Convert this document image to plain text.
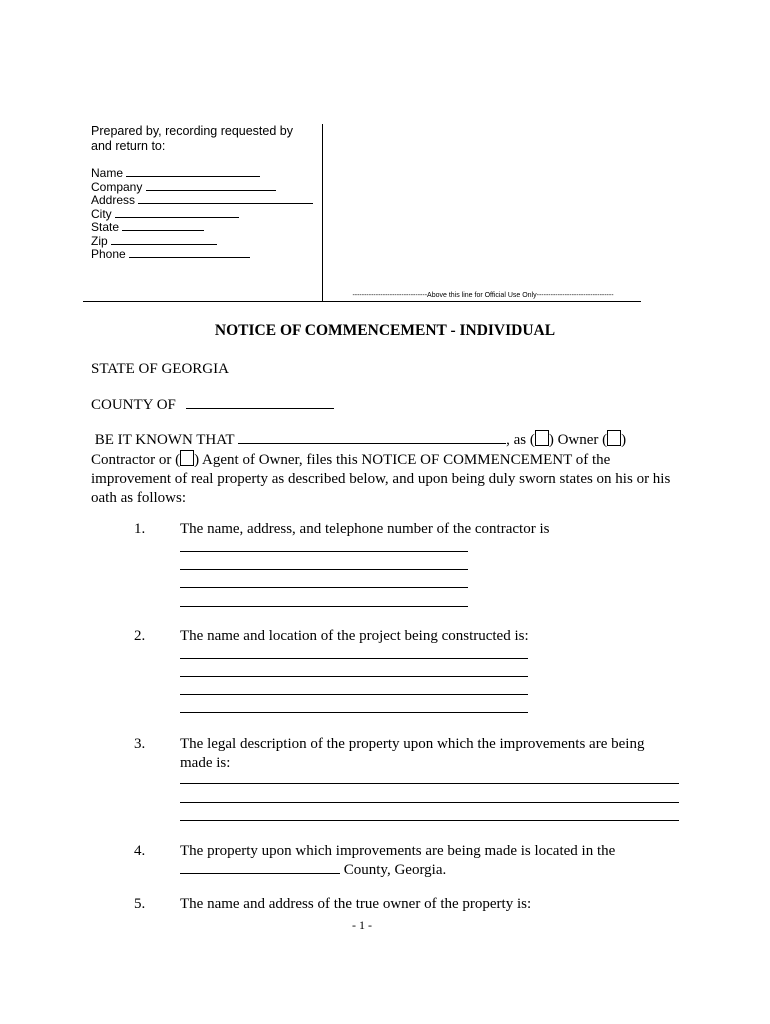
Prepared by, recording requested by
and return to:
Name
Company
Address
City
State
Zip
Phone
--------------------------------Above this line for Official Use Only---------------------------------
NOTICE OF COMMENCEMENT - INDIVIDUAL
STATE OF GEORGIA
COUNTY OF
BE IT KNOWN THAT	, as ( ) Owner ( )
Contractor or ( ) Agent of Owner, files this NOTICE OF COMMENCEMENT of the
improvement of real property as described below, and upon being duly sworn states on his or his
oath as follows:
1. The name, address, and telephone number of the contractor is
2. The name and location of the project being constructed is:
3. The legal description of the property upon which the improvements are being
made is:
4. The property upon which improvements are being made is located in the
County, Georgia.
5. The name and address of the true owner of the property is:
- 1 -
